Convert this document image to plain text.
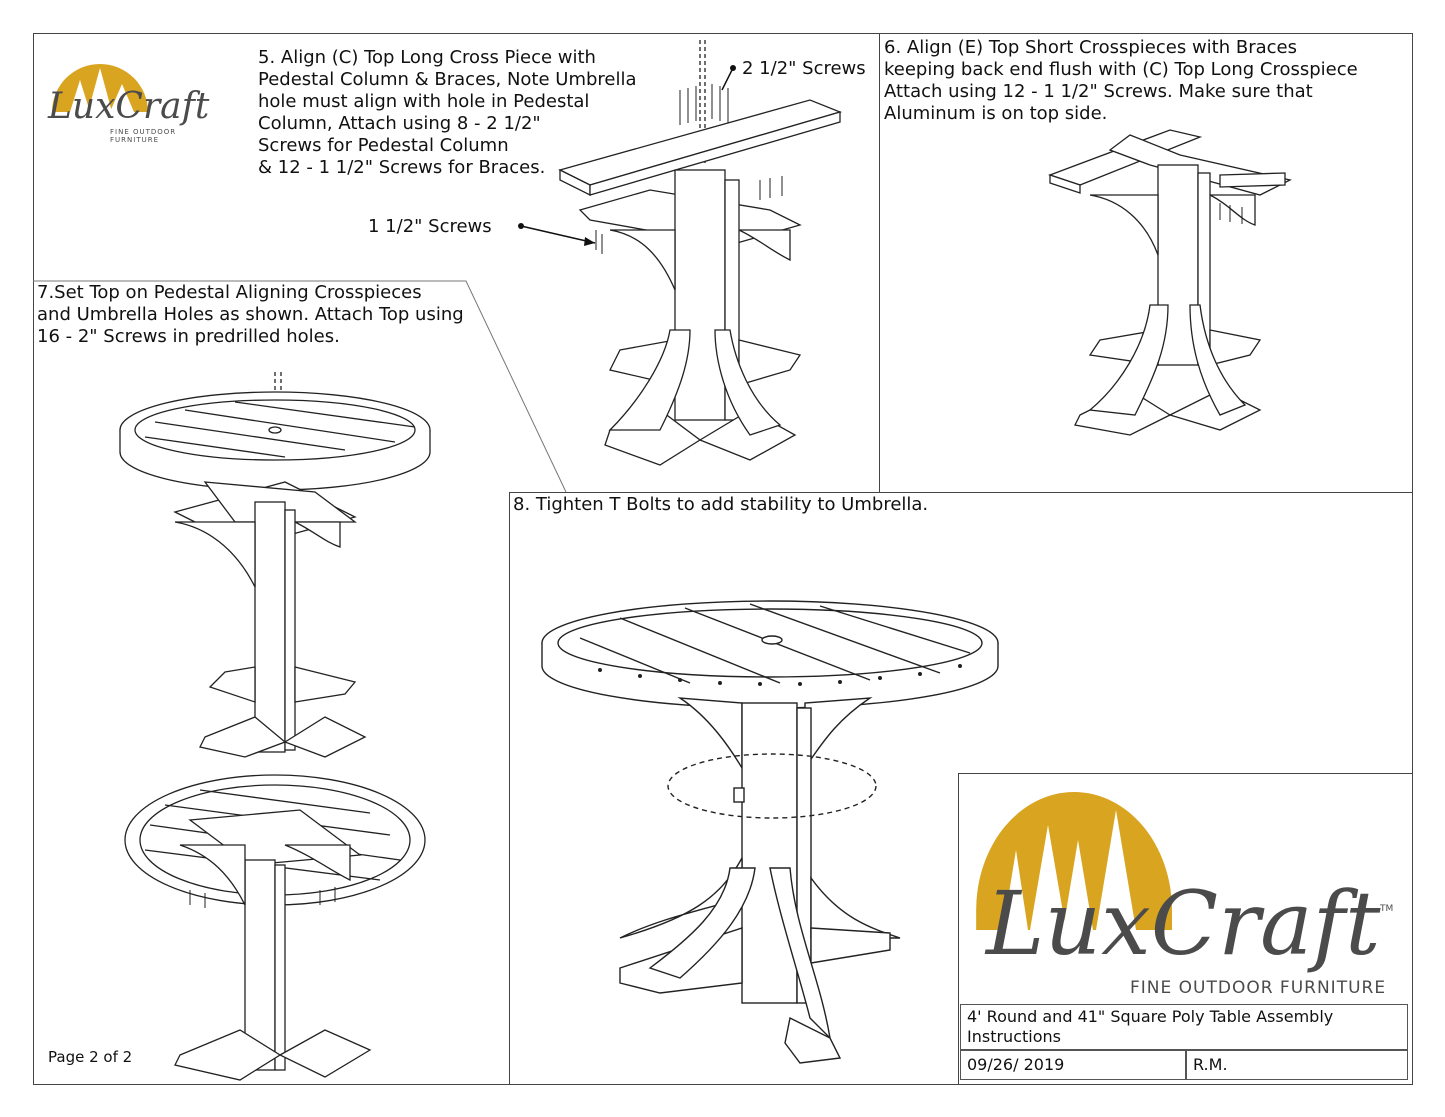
LuxCraft
FINE OUTDOOR FURNITURE
5. Align (C) Top Long Cross Piece with
Pedestal Column & Braces, Note Umbrella
hole must align with hole in Pedestal
Column, Attach using 8 - 2 1/2"
Screws for Pedestal Column
& 12 - 1 1/2" Screws for Braces.
2 1/2" Screws
1 1/2" Screws
6. Align (E) Top Short Crosspieces with Braces
keeping back end flush with (C) Top Long Crosspiece
Attach using 12 - 1 1/2" Screws. Make sure that
Aluminum is on top side.
7.Set Top on Pedestal Aligning Crosspieces
and Umbrella Holes as shown. Attach Top using
16 - 2" Screws in predrilled holes.
Page 2 of 2
8. Tighten T Bolts to add stability to Umbrella.
LuxCraft TM
FINE OUTDOOR FURNITURE
4' Round and 41" Square Poly Table Assembly
Instructions
09/26/ 2019	R.M.
